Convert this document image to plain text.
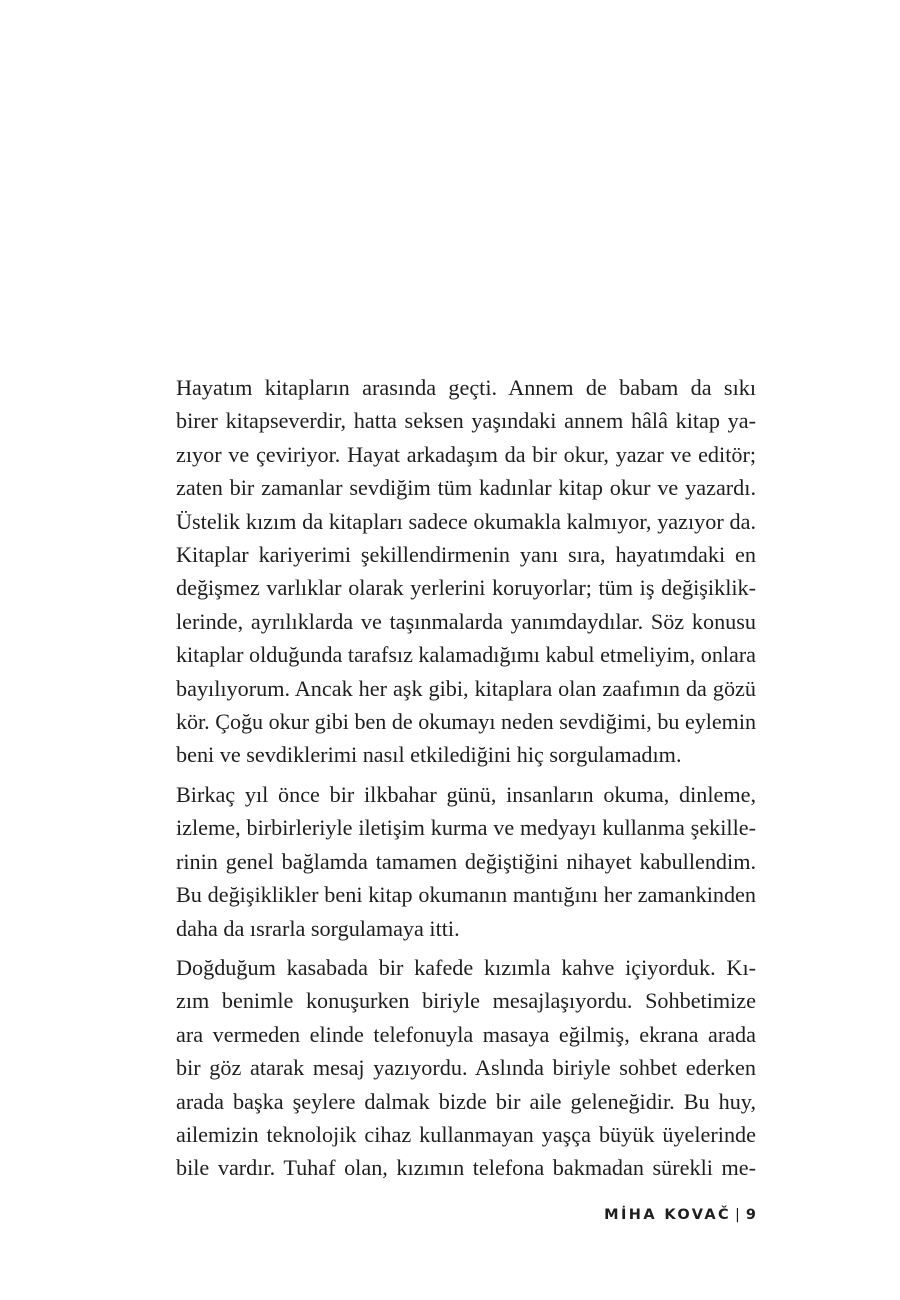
Hayatım kitapların arasında geçti. Annem de babam da sıkı
birer kitapseverdir, hatta seksen yaşındaki annem hâlâ kitap ya-
zıyor ve çeviriyor. Hayat arkadaşım da bir okur, yazar ve editör;
zaten bir zamanlar sevdiğim tüm kadınlar kitap okur ve yazardı.
Üstelik kızım da kitapları sadece okumakla kalmıyor, yazıyor da.
Kitaplar kariyerimi şekillendirmenin yanı sıra, hayatımdaki en
değişmez varlıklar olarak yerlerini koruyorlar; tüm iş değişiklik-
lerinde, ayrılıklarda ve taşınmalarda yanımdaydılar. Söz konusu
kitaplar olduğunda tarafsız kalamadığımı kabul etmeliyim, onlara
bayılıyorum. Ancak her aşk gibi, kitaplara olan zaafımın da gözü
kör. Çoğu okur gibi ben de okumayı neden sevdiğimi, bu eylemin
beni ve sevdiklerimi nasıl etkilediğini hiç sorgulamadım.

Birkaç yıl önce bir ilkbahar günü, insanların okuma, dinleme,
izleme, birbirleriyle iletişim kurma ve medyayı kullanma şekille-
rinin genel bağlamda tamamen değiştiğini nihayet kabullendim.
Bu değişiklikler beni kitap okumanın mantığını her zamankinden
daha da ısrarla sorgulamaya itti.

Doğduğum kasabada bir kafede kızımla kahve içiyorduk. Kı-
zım benimle konuşurken biriyle mesajlaşıyordu. Sohbetimize
ara vermeden elinde telefonuyla masaya eğilmiş, ekrana arada
bir göz atarak mesaj yazıyordu. Aslında biriyle sohbet ederken
arada başka şeylere dalmak bizde bir aile geleneğidir. Bu huy,
ailemizin teknolojik cihaz kullanmayan yaşça büyük üyelerinde
bile vardır. Tuhaf olan, kızımın telefona bakmadan sürekli me-

MİHA KOVAČ | 9
